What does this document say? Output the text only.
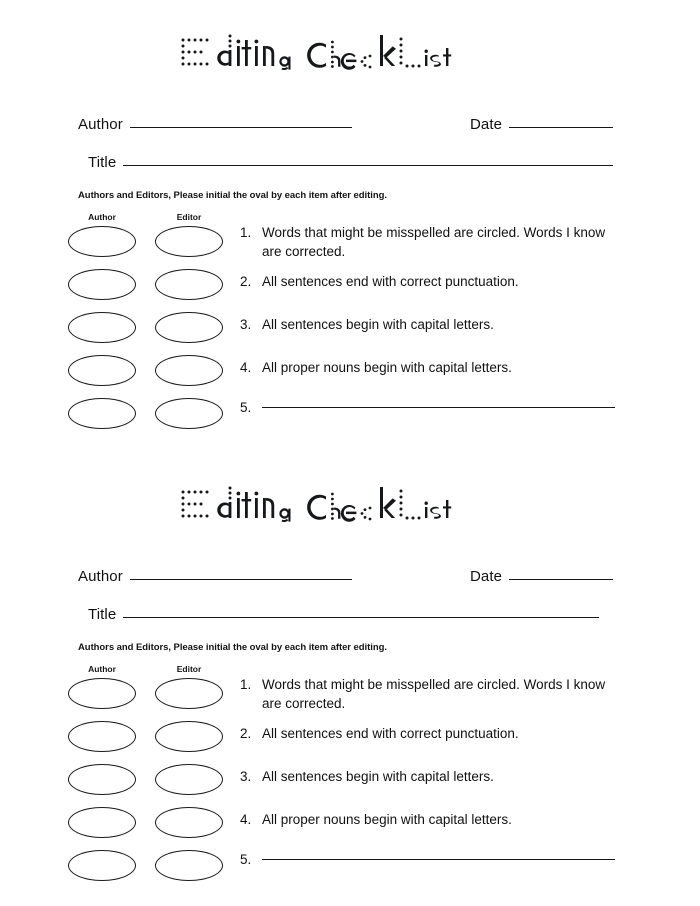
Author	Date
Title
Authors and Editors, Please initial the oval by each item after editing.
Author	Editor
1. Words that might be misspelled are circled. Words I know are corrected.
2. All sentences end with correct punctuation.
3. All sentences begin with capital letters.
4. All proper nouns begin with capital letters.
5.
Author	Date
Title
Authors and Editors, Please initial the oval by each item after editing.
Author	Editor
1. Words that might be misspelled are circled. Words I know are corrected.
2. All sentences end with correct punctuation.
3. All sentences begin with capital letters.
4. All proper nouns begin with capital letters.
5.
